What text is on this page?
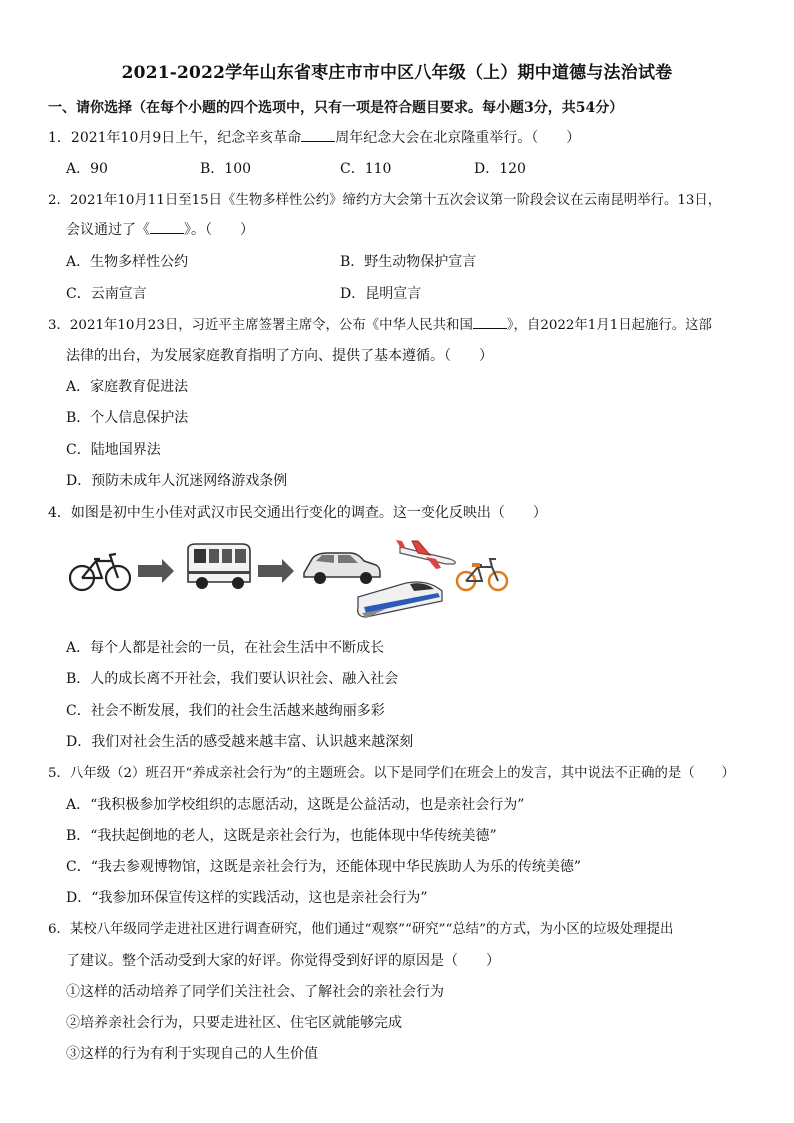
2021-2022学年山东省枣庄市市中区八年级（上）期中道德与法治试卷
一、请你选择（在每个小题的四个选项中，只有一项是符合题目要求。每小题3分，共54分）
1．2021年10月9日上午，纪念辛亥革命 周年纪念大会在北京隆重举行。（　　）
A．90	B．100	C．110	D．120
2．2021年10月11日至15日《生物多样性公约》缔约方大会第十五次会议第一阶段会议在云南昆明举行。13日，
会议通过了《 》。（　　）
A．生物多样性公约	B．野生动物保护宣言
C．云南宣言	D．昆明宣言
3．2021年10月23日，习近平主席签署主席令，公布《中华人民共和国	》，自2022年1月1日起施行。这部
法律的出台，为发展家庭教育指明了方向、提供了基本遵循。（　　）
A．家庭教育促进法
B．个人信息保护法
C．陆地国界法
D．预防未成年人沉迷网络游戏条例
4．如图是初中生小佳对武汉市民交通出行变化的调查。这一变化反映出（　　）
A．每个人都是社会的一员，在社会生活中不断成长
B．人的成长离不开社会，我们要认识社会、融入社会
C．社会不断发展，我们的社会生活越来越绚丽多彩
D．我们对社会生活的感受越来越丰富、认识越来越深刻
5．八年级（2）班召开“养成亲社会行为”的主题班会。以下是同学们在班会上的发言，其中说法不正确的是（　　）
A．“我积极参加学校组织的志愿活动，这既是公益活动，也是亲社会行为”
B．“我扶起倒地的老人，这既是亲社会行为，也能体现中华传统美德”
C．“我去参观博物馆，这既是亲社会行为，还能体现中华民族助人为乐的传统美德”
D．“我参加环保宣传这样的实践活动，这也是亲社会行为”
6．某校八年级同学走进社区进行调查研究，他们通过“观察”“研究”“总结”的方式，为小区的垃圾处理提出
了建议。整个活动受到大家的好评。你觉得受到好评的原因是（　　）
①这样的活动培养了同学们关注社会、了解社会的亲社会行为
②培养亲社会行为，只要走进社区、住宅区就能够完成
③这样的行为有利于实现自己的人生价值
